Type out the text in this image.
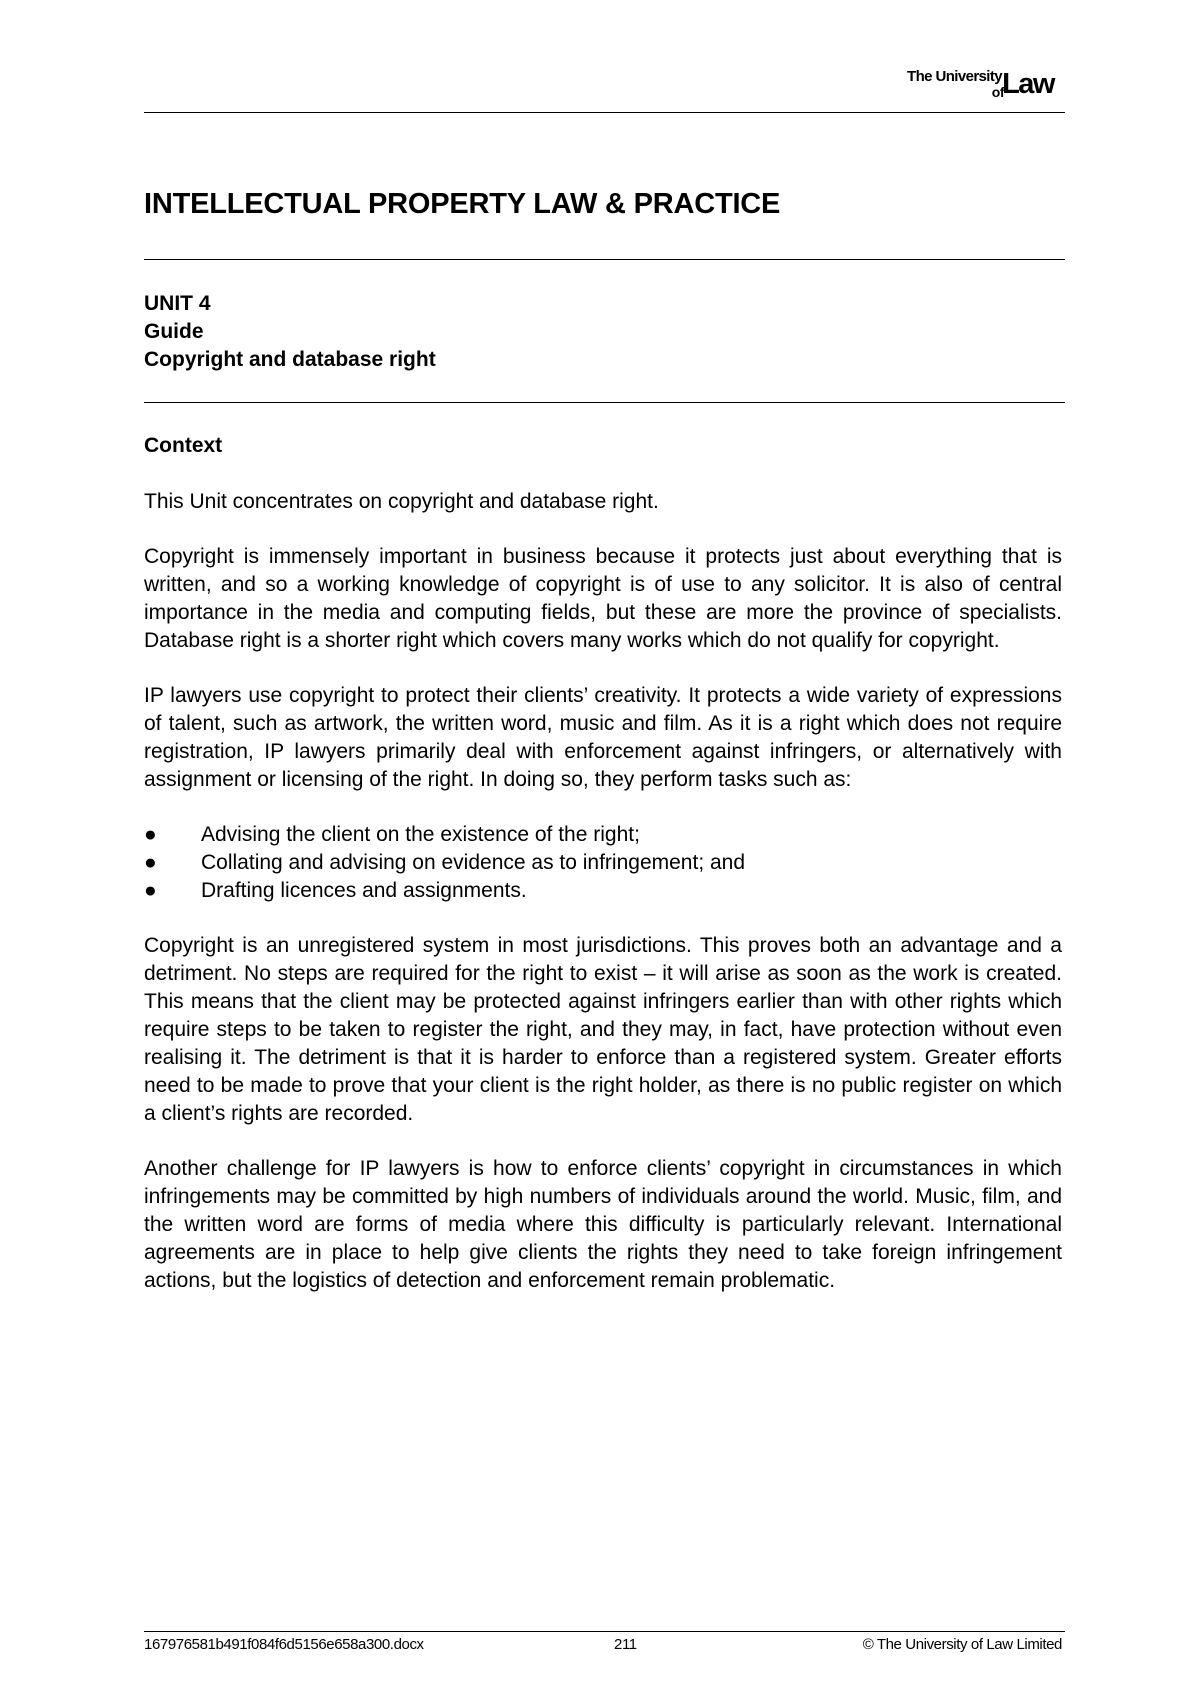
The University
of
Law
INTELLECTUAL PROPERTY LAW & PRACTICE
UNIT 4
Guide
Copyright and database right
Context

This Unit concentrates on copyright and database right.

Copyright is immensely important in business because it protects just about everything that is written, and so a working knowledge of copyright is of use to any solicitor. It is also of central importance in the media and computing fields, but these are more the province of specialists. Database right is a shorter right which covers many works which do not qualify for copyright.

IP lawyers use copyright to protect their clients’ creativity. It protects a wide variety of expressions of talent, such as artwork, the written word, music and film. As it is a right which does not require registration, IP lawyers primarily deal with enforcement against infringers, or alternatively with assignment or licensing of the right. In doing so, they perform tasks such as:

●	Advising the client on the existence of the right;
●	Collating and advising on evidence as to infringement; and
●	Drafting licences and assignments.

Copyright is an unregistered system in most jurisdictions. This proves both an advantage and a detriment. No steps are required for the right to exist – it will arise as soon as the work is created. This means that the client may be protected against infringers earlier than with other rights which require steps to be taken to register the right, and they may, in fact, have protection without even realising it. The detriment is that it is harder to enforce than a registered system. Greater efforts need to be made to prove that your client is the right holder, as there is no public register on which a client’s rights are recorded.

Another challenge for IP lawyers is how to enforce clients’ copyright in circumstances in which infringements may be committed by high numbers of individuals around the world. Music, film, and the written word are forms of media where this difficulty is particularly relevant. International agreements are in place to help give clients the rights they need to take foreign infringement actions, but the logistics of detection and enforcement remain problematic.

167976581b491f084f6d5156e658a300.docx	211	© The University of Law Limited
